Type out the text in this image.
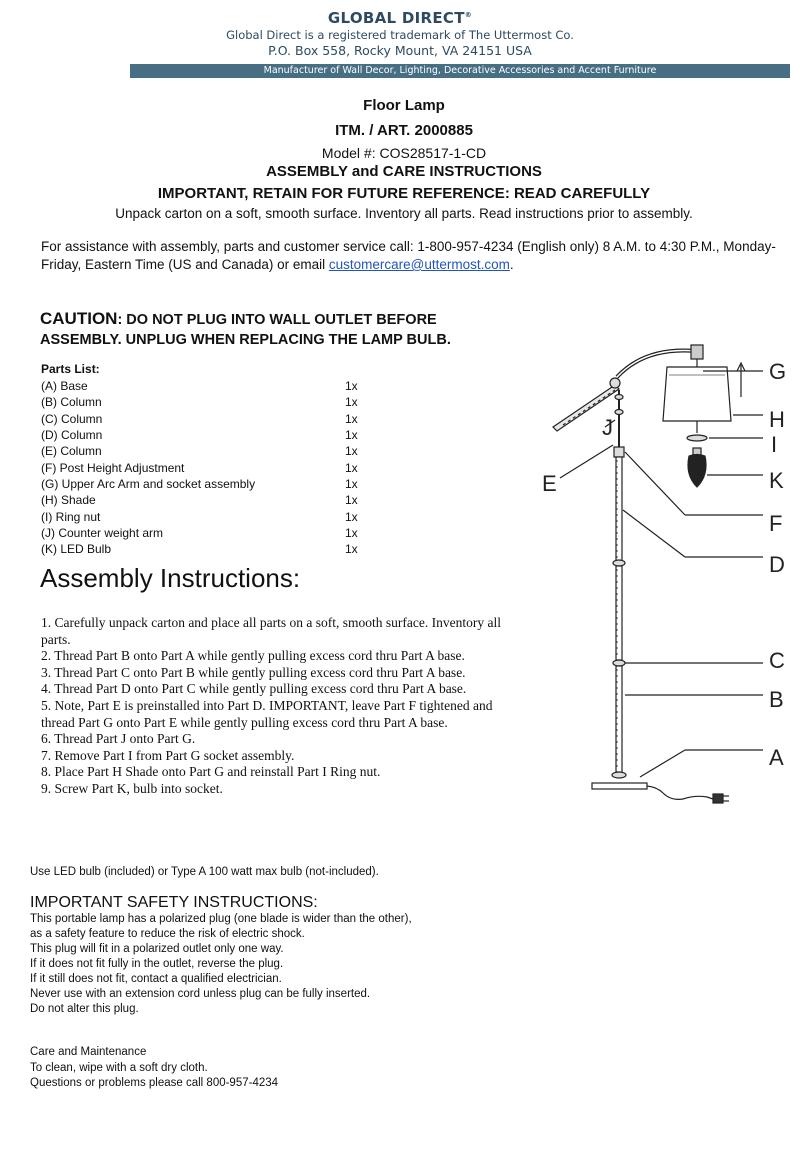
GLOBAL DIRECT®
Global Direct is a registered trademark of The Uttermost Co.
P.O. Box 558, Rocky Mount, VA 24151 USA
Manufacturer of Wall Decor, Lighting, Decorative Accessories and Accent Furniture
Floor Lamp
ITM. / ART. 2000885
Model #: COS28517-1-CD
ASSEMBLY and CARE INSTRUCTIONS
IMPORTANT, RETAIN FOR FUTURE REFERENCE: READ CAREFULLY
Unpack carton on a soft, smooth surface. Inventory all parts. Read instructions prior to assembly.
For assistance with assembly, parts and customer service call: 1-800-957-4234 (English only) 8 A.M. to 4:30 P.M., Monday-Friday, Eastern Time (US and Canada) or email customercare@uttermost.com.
CAUTION: DO NOT PLUG INTO WALL OUTLET BEFORE ASSEMBLY. UNPLUG WHEN REPLACING THE LAMP BULB.
Parts List:
(A) Base	1x
(B) Column	1x
(C) Column	1x
(D) Column	1x
(E) Column	1x
(F) Post Height Adjustment	1x
(G) Upper Arc Arm and socket assembly	1x
(H) Shade	1x
(I) Ring nut	1x
(J) Counter weight arm	1x
(K) LED Bulb	1x
Assembly Instructions:
1. Carefully unpack carton and place all parts on a soft, smooth surface. Inventory all parts.
2. Thread Part B onto Part A while gently pulling excess cord thru Part A base.
3. Thread Part C onto Part B while gently pulling excess cord thru Part A base.
4. Thread Part D onto Part C while gently pulling excess cord thru Part A base.
5. Note, Part E is preinstalled into Part D. IMPORTANT, leave Part F tightened and thread Part G onto Part E while gently pulling excess cord thru Part A base.
6. Thread Part J onto Part G.
7. Remove Part I from Part G socket assembly.
8. Place Part H Shade onto Part G and reinstall Part I Ring nut.
9. Screw Part K, bulb into socket.
G
H
I
K
F
D
C
B
A
J
E
Use LED bulb (included) or Type A 100 watt max bulb (not-included).
IMPORTANT SAFETY INSTRUCTIONS:
This portable lamp has a polarized plug (one blade is wider than the other),
as a safety feature to reduce the risk of electric shock.
This plug will fit in a polarized outlet only one way.
If it does not fit fully in the outlet, reverse the plug.
If it still does not fit, contact a qualified electrician.
Never use with an extension cord unless plug can be fully inserted.
Do not alter this plug.
Care and Maintenance
To clean, wipe with a soft dry cloth.
Questions or problems please call 800-957-4234
